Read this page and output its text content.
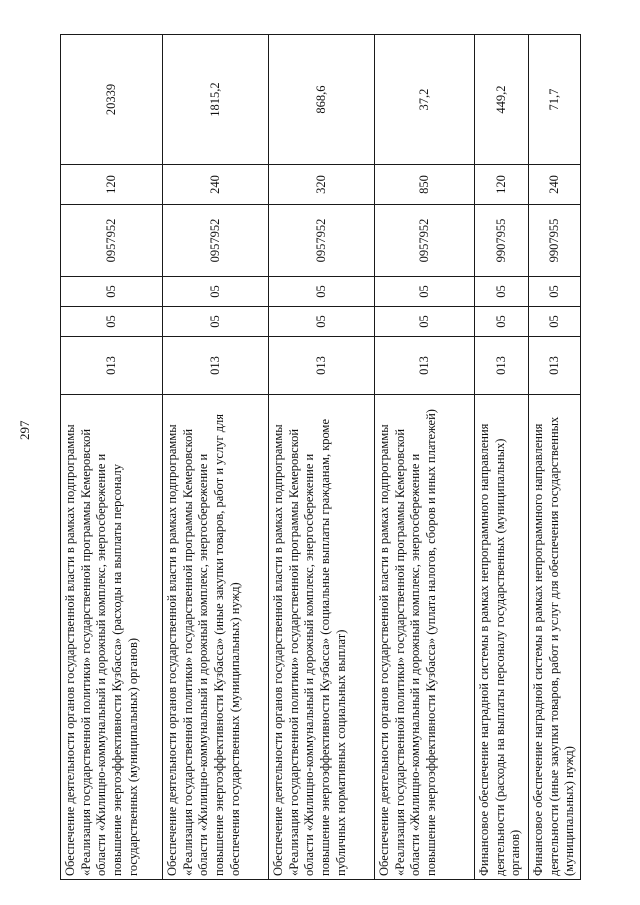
297 Обеспечение деятельности органов государственной власти в рамках подпрограммы «Реализация государственной политики» государственной программы Кемеровской области «Жилищно-коммунальный и дорожный комплекс, энергосбережение и повышение энергоэффективности Кузбасса» (расходы на выплаты персоналу государственных (муниципальных) органов)	013	05	05	0957952	120	20339
Обеспечение деятельности органов государственной власти в рамках подпрограммы «Реализация государственной политики» государственной программы Кемеровской области «Жилищно-коммунальный и дорожный комплекс, энергосбережение и повышение энергоэффективности Кузбасса» (иные закупки товаров, работ и услуг для обеспечения государственных (муниципальных) нужд)	013	05	05	0957952	240	1815,2
Обеспечение деятельности органов государственной власти в рамках подпрограммы «Реализация государственной политики» государственной программы Кемеровской области «Жилищно-коммунальный и дорожный комплекс, энергосбережение и повышение энергоэффективности Кузбасса» (социальные выплаты гражданам, кроме публичных нормативных социальных выплат)	013	05	05	0957952	320	868,6
Обеспечение деятельности органов государственной власти в рамках подпрограммы «Реализация государственной политики» государственной программы Кемеровской области «Жилищно-коммунальный и дорожный комплекс, энергосбережение и повышение энергоэффективности Кузбасса» (уплата налогов, сборов и иных платежей)	013	05	05	0957952	850	37,2
Финансовое обеспечение наградной системы в рамках непрограммного направления деятельности (расходы на выплаты персоналу государственных (муниципальных) органов)	013	05	05	9907955	120	449,2
Финансовое обеспечение наградной системы в рамках непрограммного направления деятельности (иные закупки товаров, работ и услуг для обеспечения государственных (муниципальных) нужд)	013	05	05	9907955	240	71,7
